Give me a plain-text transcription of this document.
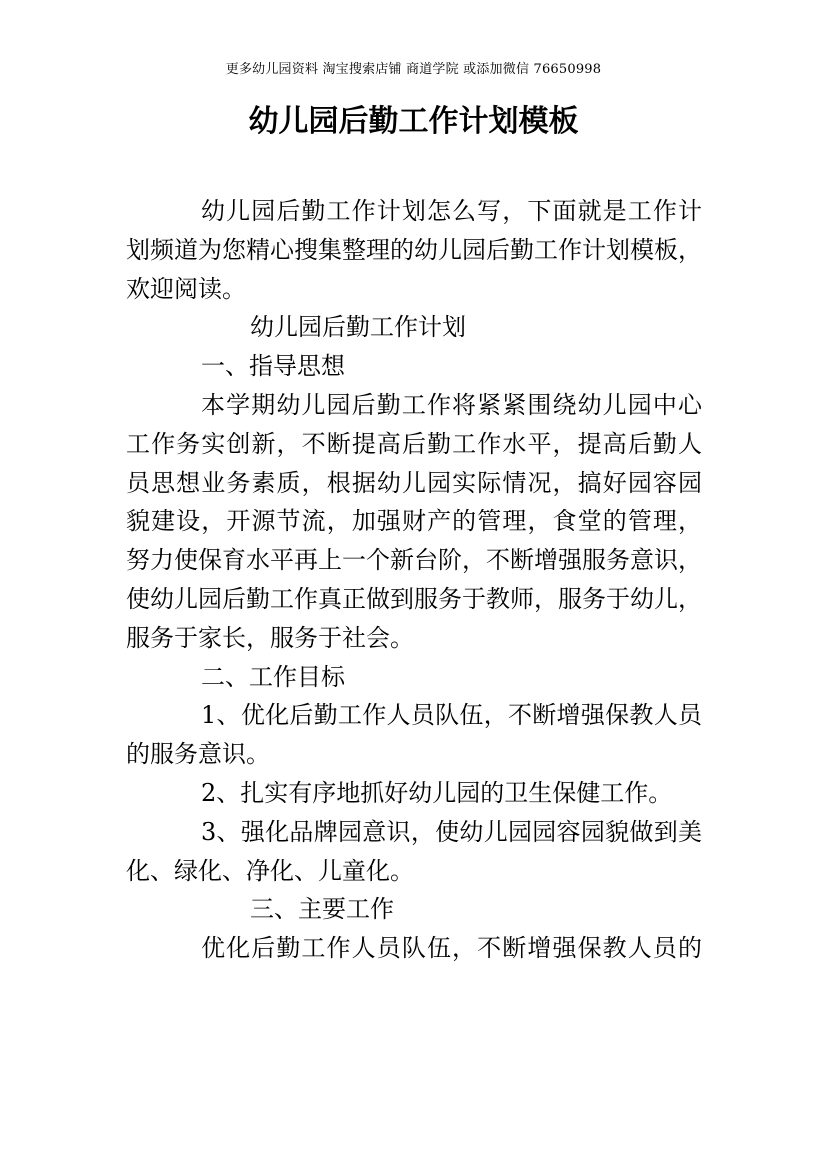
更多幼儿园资料 淘宝搜索店铺 商道学院 或添加微信 76650998
幼儿园后勤工作计划模板
幼儿园后勤工作计划怎么写，下面就是工作计
划频道为您精心搜集整理的幼儿园后勤工作计划模板，
欢迎阅读。
幼儿园后勤工作计划
一、指导思想
本学期幼儿园后勤工作将紧紧围绕幼儿园中心
工作务实创新，不断提高后勤工作水平，提高后勤人
员思想业务素质，根据幼儿园实际情况，搞好园容园
貌建设，开源节流，加强财产的管理，食堂的管理，
努力使保育水平再上一个新台阶，不断增强服务意识，
使幼儿园后勤工作真正做到服务于教师，服务于幼儿，
服务于家长，服务于社会。
二、工作目标
1、优化后勤工作人员队伍，不断增强保教人员
的服务意识。
2、扎实有序地抓好幼儿园的卫生保健工作。
3、强化品牌园意识，使幼儿园园容园貌做到美
化、绿化、净化、儿童化。
三、主要工作
优化后勤工作人员队伍，不断增强保教人员的
